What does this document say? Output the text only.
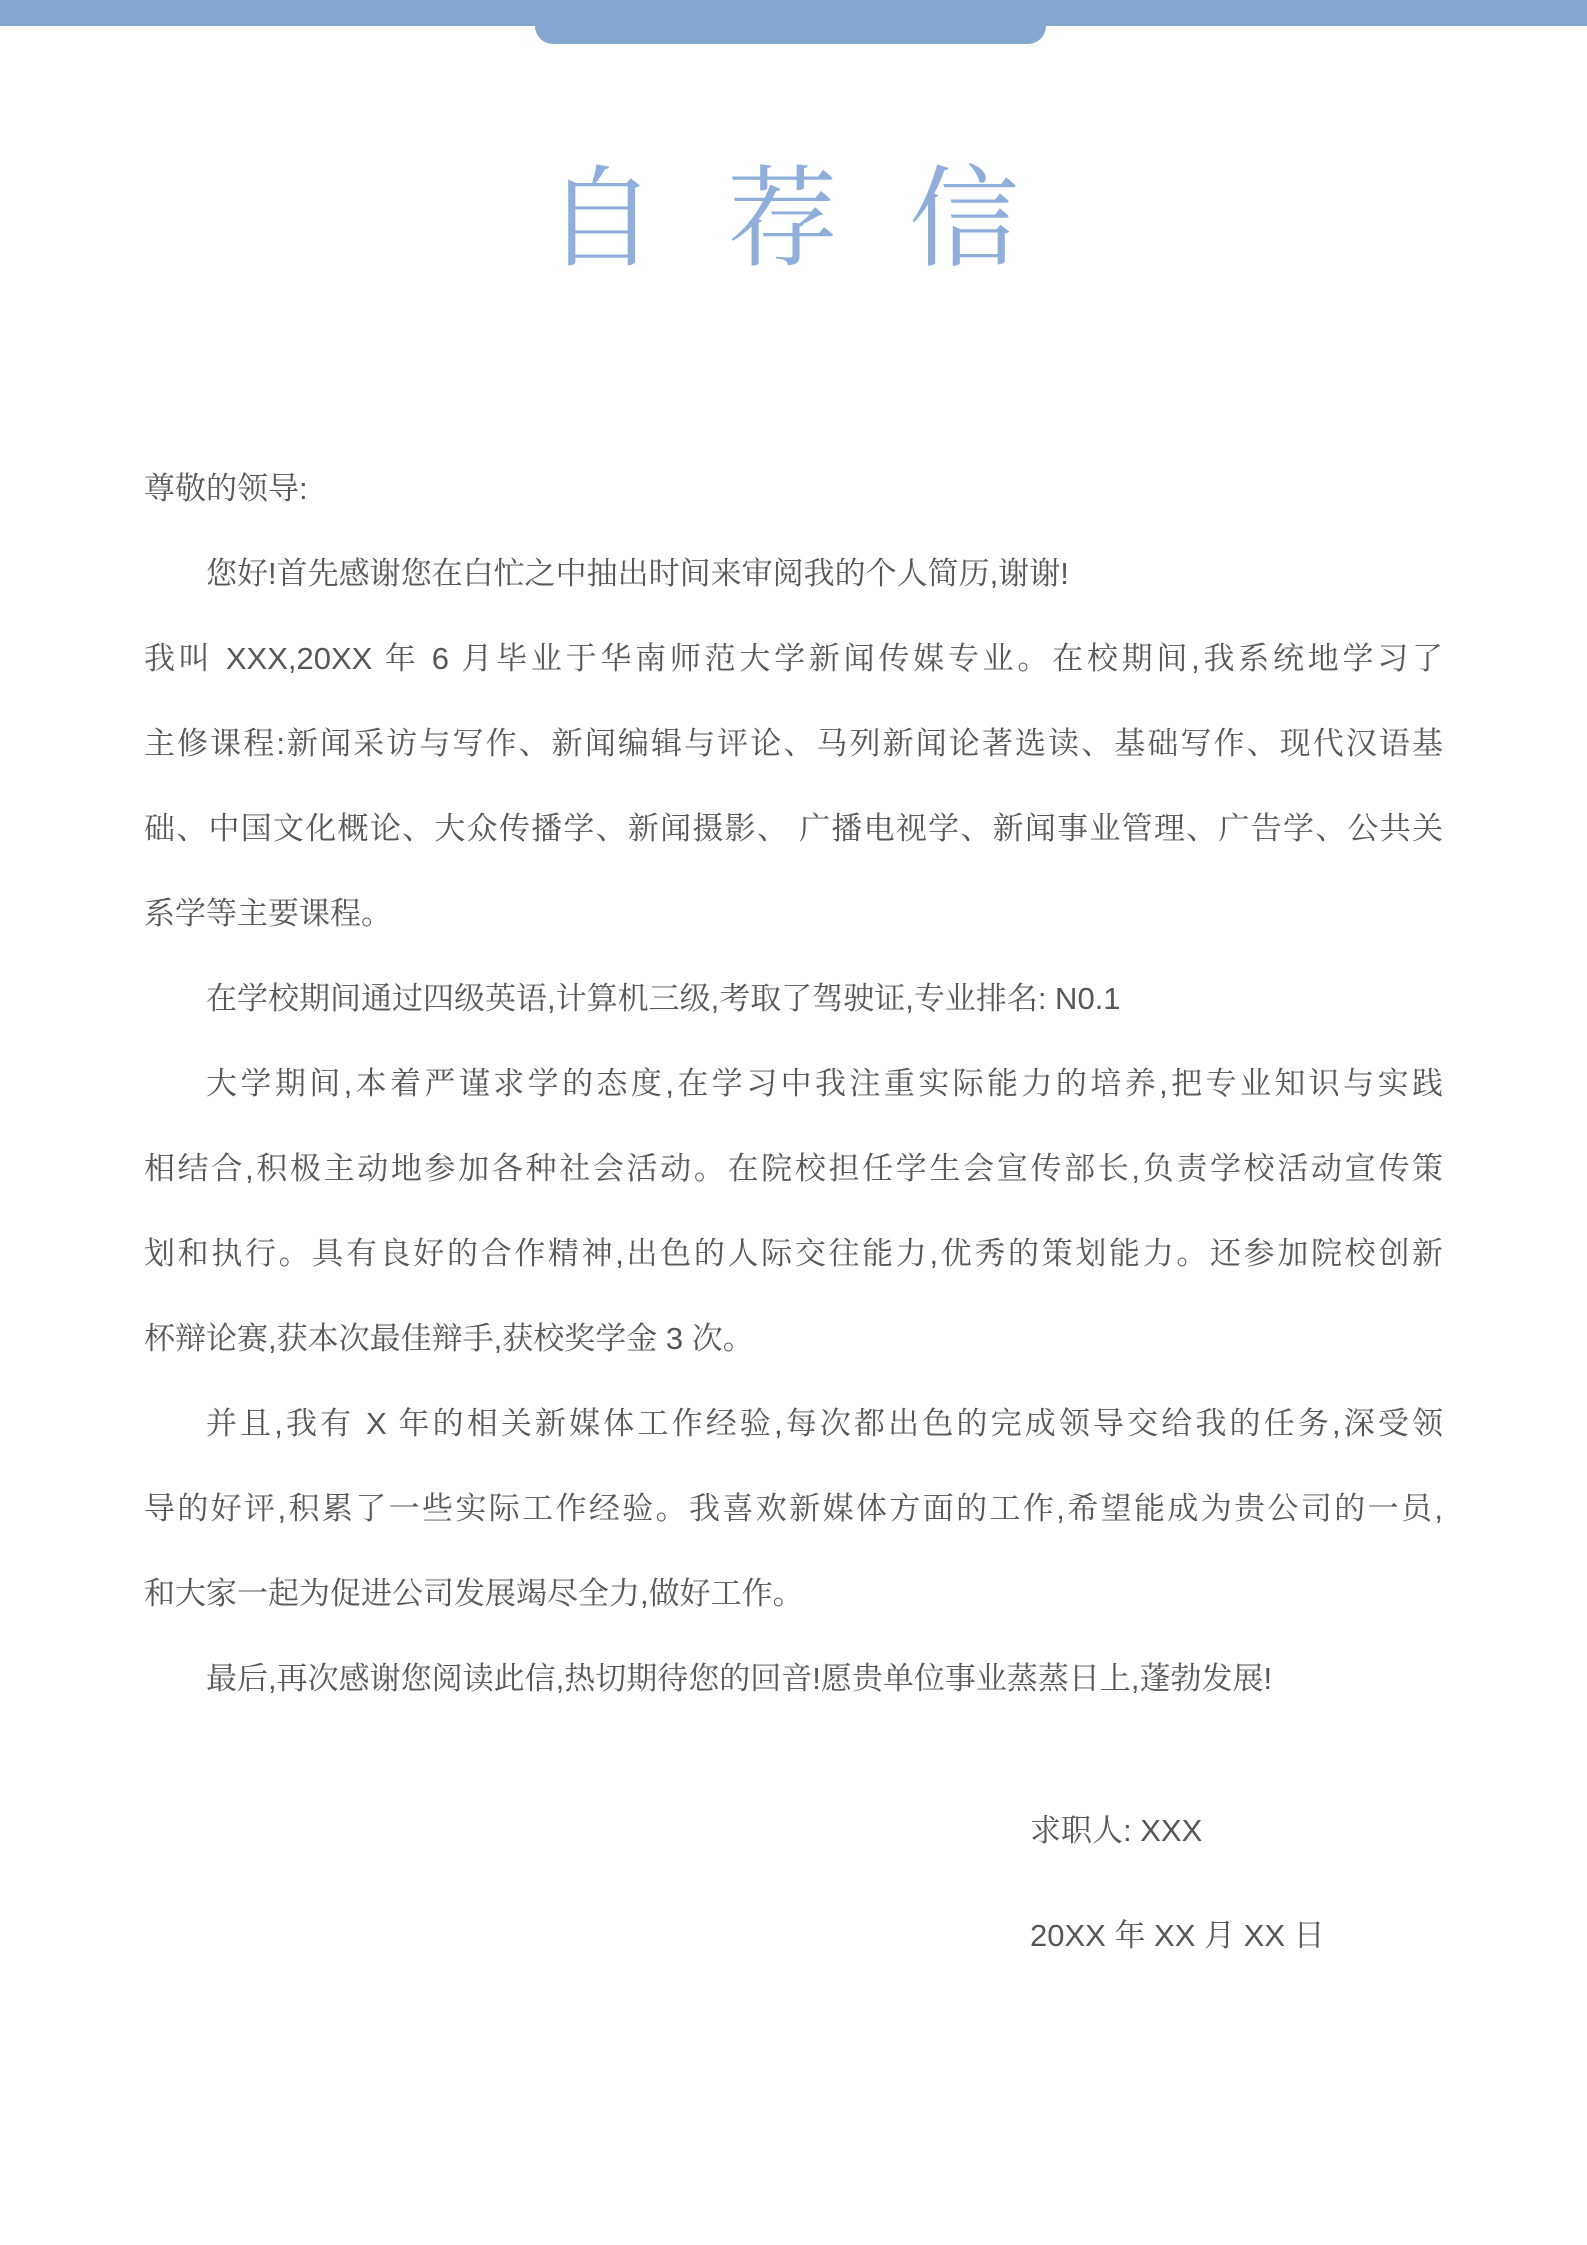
自 荐 信
尊敬的领导:
您好!首先感谢您在白忙之中抽出时间来审阅我的个人简历,谢谢!
我叫 XXX,20XX 年 6 月毕业于华南师范大学新闻传媒专业。在校期间,我系统地学习了
主修课程:新闻采访与写作、新闻编辑与评论、马列新闻论著选读、基础写作、现代汉语基
础、中国文化概论、大众传播学、新闻摄影、 广播电视学、新闻事业管理、广告学、公共关
系学等主要课程。
在学校期间通过四级英语,计算机三级,考取了驾驶证,专业排名: N0.1
大学期间,本着严谨求学的态度,在学习中我注重实际能力的培养,把专业知识与实践
相结合,积极主动地参加各种社会活动。在院校担任学生会宣传部长,负责学校活动宣传策
划和执行。具有良好的合作精神,出色的人际交往能力,优秀的策划能力。还参加院校创新
杯辩论赛,获本次最佳辩手,获校奖学金 3 次。
并且,我有 X 年的相关新媒体工作经验,每次都出色的完成领导交给我的任务,深受领
导的好评,积累了一些实际工作经验。我喜欢新媒体方面的工作,希望能成为贵公司的一员,
和大家一起为促进公司发展竭尽全力,做好工作。
最后,再次感谢您阅读此信,热切期待您的回音!愿贵单位事业蒸蒸日上,蓬勃发展!
求职人: XXX
20XX 年 XX 月 XX 日
